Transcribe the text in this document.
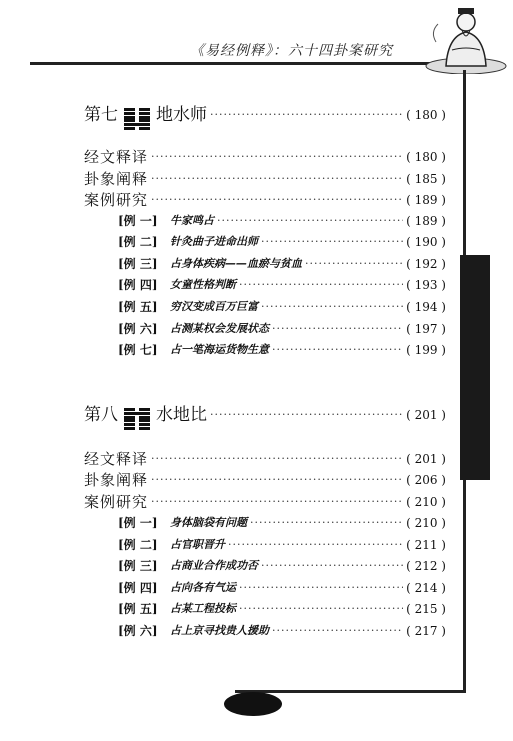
《易经例释》：六十四卦案研究
第七 地水师 ·····	( 180 )
经文释译 ·····	( 180 )
卦象阐释 ·····	( 185 )
案例研究 ·····	( 189 )
[例 一]	牛家鸣占 ·····	( 189 )
[例 二]	针灸曲子进命出师 ·····	( 190 )
[例 三]	占身体疾病——血瘀与贫血 ·····	( 192 )
[例 四]	女童性格判断 ·····	( 193 )
[例 五]	穷汉变成百万巨富 ·····	( 194 )
[例 六]	占测某权会发展状态 ·····	( 197 )
[例 七]	占一笔海运货物生意 ·····	( 199 )
第八 水地比 ·····	( 201 )
经文释译 ·····	( 201 )
卦象阐释 ·····	( 206 )
案例研究 ·····	( 210 )
[例 一]	身体脑袋有问题 ·····	( 210 )
[例 二]	占官职晋升 ·····	( 211 )
[例 三]	占商业合作成功否 ·····	( 212 )
[例 四]	占向各有气运 ·····	( 214 )
[例 五]	占某工程投标 ·····	( 215 )
[例 六]	占上京寻找贵人援助 ·····	( 217 )
